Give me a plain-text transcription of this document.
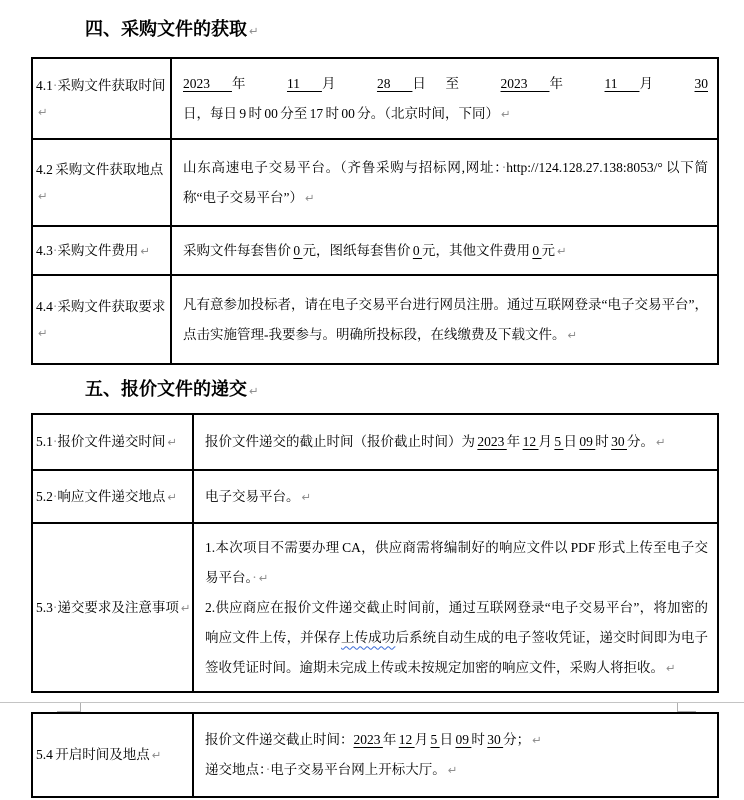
四、采购文件的获取 ↵
4.1·采购文件获取时间↵
2023 年 11 月 28 日至 2023 年 11 月 30 日，每日 9 时 00 分至 17 时 00 分。（北京时间，下同） ↵
4.2 采购文件获取地点↵
山东高速电子交易平台。（齐鲁采购与招标网,网址：·http://124.128.27.138:8053/° 以下简称“电子交易平台”） ↵
4.3·采购文件费用 ↵	采购文件每套售价 0 元，图纸每套售价 0 元，其他文件费用 0 元 ↵
4.4·采购文件获取要求↵
凡有意参加投标者，请在电子交易平台进行网员注册。通过互联网登录“电子交易平台”，点击实施管理-我要参与。明确所投标段，在线缴费及下载文件。 ↵
五、报价文件的递交 ↵
5.1·报价文件递交时间 ↵	报价文件递交的截止时间（报价截止时间）为 2023 年 12 月 5 日 09 时 30 分。 ↵
5.2·响应文件递交地点 ↵	电子交易平台。 ↵
5.3·递交要求及注意事项 ↵
1.本次项目不需要办理 CA，供应商需将编制好的响应文件以 PDF 形式上传至电子交易平台。· ↵
2.供应商应在报价文件递交截止时间前，通过互联网登录“电子交易平台”，将加密的响应文件上传，并保存上传成功后系统自动生成的电子签收凭证，递交时间即为电子签收凭证时间。逾期未完成上传或未按规定加密的响应文件，采购人将拒收。 ↵
5.4 开启时间及地点 ↵
报价文件递交截止时间：2023 年 12 月 5 日 09 时 30 分； ↵
递交地点：·电子交易平台网上开标大厅。 ↵
